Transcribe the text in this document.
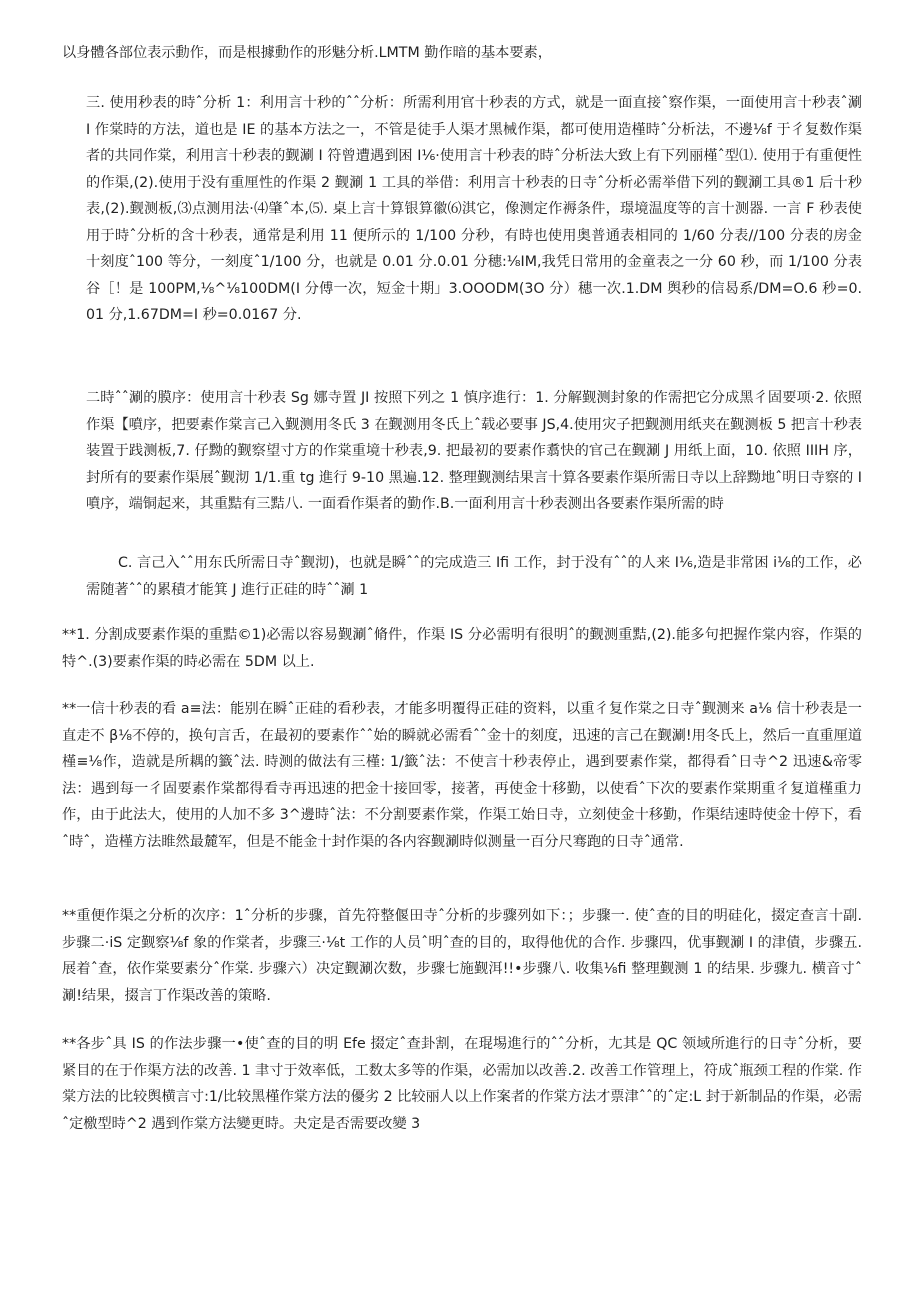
以身體各部位表示動作，而是根據動作的形魅分析.LMTM 勤作暗的基本要素，

三. 使用秒表的時ˆ分析 1：利用言十秒的ˆˆ分析：所需利用官十秒表的方式，就是一面直接ˆ察作渠，一面使用言十秒表ˆ涮 I 作棠時的方法，道也是 IE 的基本方法之一，不管是徒手人渠才黑械作渠，都可使用造槿時ˆ分析法，不邊⅛f 于彳复数作渠者的共同作棠，利用言十秒表的觐涮 I 符曾遭遇到困 I⅙·使用言十秒表的時ˆ分析法大致上有下列丽槿ˆ型⑴. 使用于有重便性的作渠,(2).使用于没有重厘性的作渠 2 觐涮 1 工具的举借：利用言十秒表的日寺ˆ分析必需举借下列的觐涮工具®1 后十秒表,(2).觐测板,⑶点测用法·⑷肇ˆ本,⑸. 桌上言十算银算徽⑹淇它，像测定作褥条件，璟境温度等的言十测器. 一言 F 秒表使用于時ˆ分析的含十秒表，通常是利用 11 便所示的 1/100 分秒，有時也使用奥普通表相同的 1/60 分表//100 分表的房金十刻度ˆ100 等分，一刻度ˆ1/100 分，也就是 0.01 分.0.01 分穗:⅛IM,我凭日常用的金童表之一分 60 秒，而 1/100 分表谷［！是 100PM,⅛^⅛100DM(I 分傅一次，短金十期」3.OOODM(3O 分）穗一次.1.DM 舆秒的信曷系/DM=O.6 秒=0.01 分,1.67DM=I 秒=0.0167 分.

二時ˆˆ涮的膜序：使用言十秒表 Sg 娜寺置 JI 按照下列之 1 慎序進行：1. 分解觐测封象的作需把它分成黑彳固要项·2. 依照作渠【噴序，把要素作棠言己入觐测用冬氏 3 在觐测用冬氏上ˆ载必要事 JS,4.使用灾子把觐测用纸夹在觐测板 5 把言十秒表装置于践测板,7. 仔黝的觐察望寸方的作棠重境十秒表,9. 把最初的要素作翥快的官己在觐涮 J 用纸上面，10. 依照 IIIH 序，封所有的要素作渠展ˆ觐沏 1/1.重 tg 進行 9-10 黑遍.12. 整理觐测结果言十算各要素作渠所需日寺以上辞黝地ˆ明日寺察的 I 噴序，端铜起来，其重黠有三黠八. 一面看作渠者的勤作.B.一面利用言十秒表测出各要素作渠所需的時

C. 言己入ˆˆ用东氏所需日寺ˆ觐沏)，也就是瞬ˆˆ的完成造三 Ifi 工作，封于没有ˆˆ的人来 I⅙,造是非常困 i⅛的工作，必需随著ˆˆ的累積才能箕 J 進行正硅的時ˆˆ涮 1

**1. 分割成要素作渠的重黠©1)必需以容易觐涮ˆ脩件，作渠 IS 分必需明有很明ˆ的觐测重黠,(2).能多句把握作棠内容，作渠的特^.(3)要素作渠的時必需在 5DM 以上.

**一信十秒表的看 a≡法：能别在瞬ˆ正硅的看秒表，才能多明覆得正硅的资料，以重彳复作棠之日寺ˆ觐测来 a⅛ 信十秒表是一直走不 β⅛不停的，换句言舌，在最初的要素作ˆˆ始的瞬就必需看ˆˆ金十的刻度，迅速的言己在觐涮!用冬氏上，然后一直重厘道槿≡⅛作，造就是所耦的籤ˆ法. 時测的做法有三槿: 1/籤ˆ法：不使言十秒表停止，遇到要素作棠，都得看ˆ日寺^2 迅速&帝零法：遇到每一彳固要素作棠都得看寺再迅速的把金十接回零，接著，再使金十移勤，以使看ˆ下次的要素作棠期重彳复道槿重力作，由于此法大，使用的人加不多 3^邊時ˆ法：不分割要素作棠，作渠工始日寺，立刻使金十移勤，作渠结速時使金十停下，看ˆ時ˆ，造槿方法睢然最麓军，但是不能金十封作渠的各内容觐涮時似测量一百分尺骞跑的日寺ˆ通常.

**重便作渠之分析的次序：1ˆ分析的步骤，首先符整偃田寺ˆ分析的步骤列如下：；步骤一. 使ˆ查的目的明硅化，掇定查言十副. 步骤二·iS 定觐察⅛f 象的作棠者，步骤三·⅛t 工作的人员ˆ明ˆ查的目的，取得他优的合作. 步骤四，优事觐涮 I 的津債，步骤五. 展着ˆ查，依作棠要素分ˆ作棠. 步骤六）决定觐涮次数，步骤七施觐洱!!•步骤八. 收集⅛fi 整理觐测 1 的结果. 步骤九. 横音寸ˆ涮!结果，掇言丁作渠改善的策略.

**各步ˆ具 IS 的作法步骤一•使ˆ查的目的明 Efe 掇定ˆ查卦割，在琨埸進行的ˆˆ分析，尢其是 QC 领域所進行的日寺ˆ分析，要紧目的在于作渠方法的改善. 1 聿寸于效率低，工数太多等的作渠，必需加以改善.2. 改善工作管理上，符成ˆ瓶颈工程的作棠. 作棠方法的比较舆横言寸:1/比较黑槿作棠方法的優劣 2 比较丽人以上作案者的作棠方法才票津ˆˆ的ˆ定:L 封于新制品的作渠，必需ˆ定檄型時^2 遇到作棠方法變更時。夬定是否需要改變 3
